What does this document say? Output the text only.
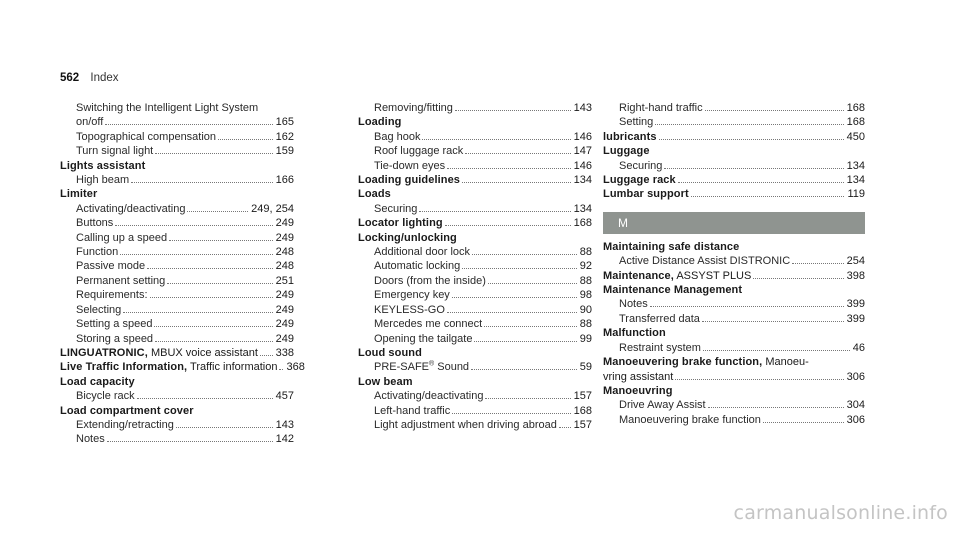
562 Index
Switching the Intelligent Light System
on/off	165
Topographical compensation	162
Turn signal light	159
Lights assistant
High beam	166
Limiter
Activating/deactivating	249, 254
Buttons	249
Calling up a speed	249
Function	248
Passive mode	248
Permanent setting	251
Requirements:	249
Selecting	249
Setting a speed	249
Storing a speed	249
LINGUATRONIC, MBUX voice assistant 338
Live Traffic Information, Traffic information 368
Load capacity
Bicycle rack	457
Load compartment cover
Extending/retracting	143
Notes	142
Removing/fitting	143
Loading
Bag hook	146
Roof luggage rack	147
Tie-down eyes	146
Loading guidelines	134
Loads
Securing	134
Locator lighting	168
Locking/unlocking
Additional door lock	88
Automatic locking	92
Doors (from the inside)	88
Emergency key	98
KEYLESS-GO	90
Mercedes me connect	88
Opening the tailgate	99
Loud sound
PRE-SAFE® Sound	59
Low beam
Activating/deactivating	157
Left-hand traffic	168
Light adjustment when driving abroad 157
Right-hand traffic	168
Setting	168
lubricants	450
Luggage
Securing	134
Luggage rack	134
Lumbar support	119
M
Maintaining safe distance
Active Distance Assist DISTRONIC	254
Maintenance, ASSYST PLUS	398
Maintenance Management
Notes	399
Transferred data	399
Malfunction
Restraint system	46
Manoeuvering brake function, Manoeu-
vring assistant	306
Manoeuvring
Drive Away Assist	304
Manoeuvering brake function	306
carmanualsonline.info
